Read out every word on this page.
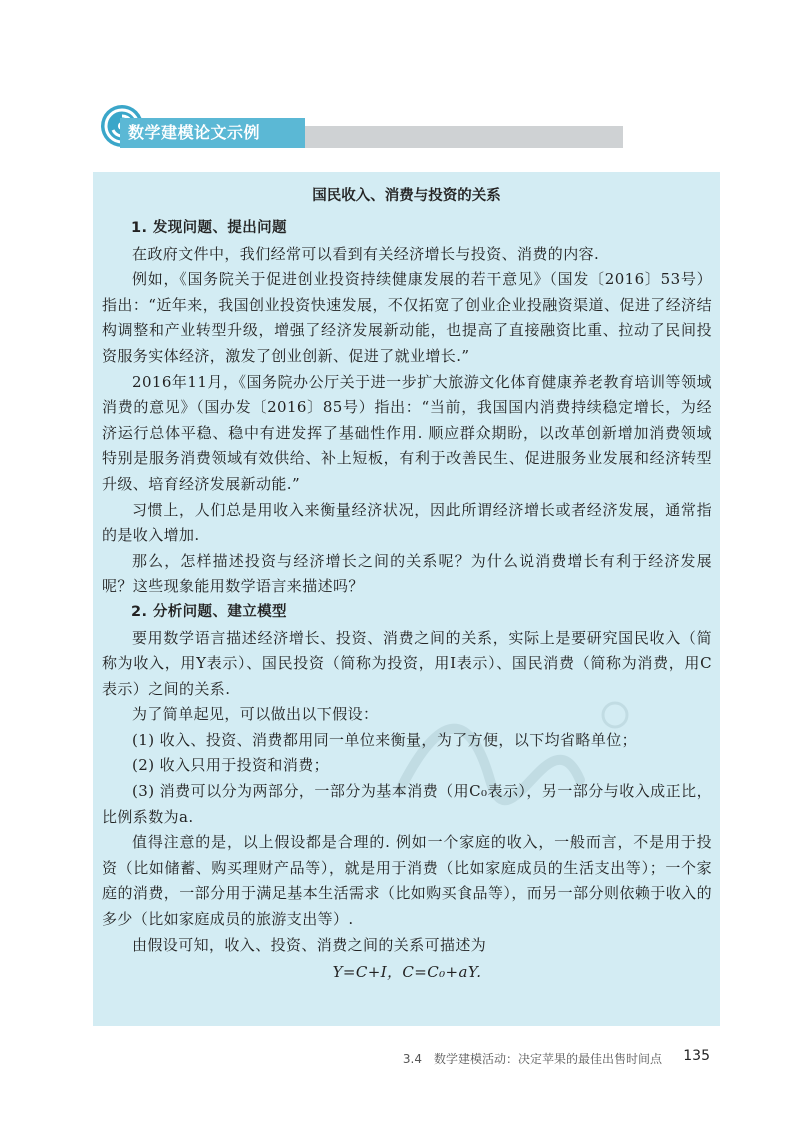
数学建模论文示例
国民收入、消费与投资的关系

1. 发现问题、提出问题

在政府文件中，我们经常可以看到有关经济增长与投资、消费的内容.

例如，《国务院关于促进创业投资持续健康发展的若干意见》（国发〔2016〕53号）指出：“近年来，我国创业投资快速发展，不仅拓宽了创业企业投融资渠道、促进了经济结构调整和产业转型升级，增强了经济发展新动能，也提高了直接融资比重、拉动了民间投资服务实体经济，激发了创业创新、促进了就业增长.”

2016年11月，《国务院办公厅关于进一步扩大旅游文化体育健康养老教育培训等领域消费的意见》（国办发〔2016〕85号）指出：“当前，我国国内消费持续稳定增长，为经济运行总体平稳、稳中有进发挥了基础性作用. 顺应群众期盼，以改革创新增加消费领域特别是服务消费领域有效供给、补上短板，有利于改善民生、促进服务业发展和经济转型升级、培育经济发展新动能.”

习惯上，人们总是用收入来衡量经济状况，因此所谓经济增长或者经济发展，通常指的是收入增加.

那么，怎样描述投资与经济增长之间的关系呢？为什么说消费增长有利于经济发展呢？这些现象能用数学语言来描述吗？

2. 分析问题、建立模型

要用数学语言描述经济增长、投资、消费之间的关系，实际上是要研究国民收入（简称为收入，用Y表示）、国民投资（简称为投资，用I表示）、国民消费（简称为消费，用C表示）之间的关系.

为了简单起见，可以做出以下假设：

(1) 收入、投资、消费都用同一单位来衡量，为了方便，以下均省略单位；

(2) 收入只用于投资和消费；

(3) 消费可以分为两部分，一部分为基本消费（用C₀表示），另一部分与收入成正比，比例系数为a.

值得注意的是，以上假设都是合理的. 例如一个家庭的收入，一般而言，不是用于投资（比如储蓄、购买理财产品等），就是用于消费（比如家庭成员的生活支出等）；一个家庭的消费，一部分用于满足基本生活需求（比如购买食品等），而另一部分则依赖于收入的多少（比如家庭成员的旅游支出等）.

由假设可知，收入、投资、消费之间的关系可描述为

Y=C+I，C=C₀+aY.

3.4　数学建模活动：决定苹果的最佳出售时间点 135
